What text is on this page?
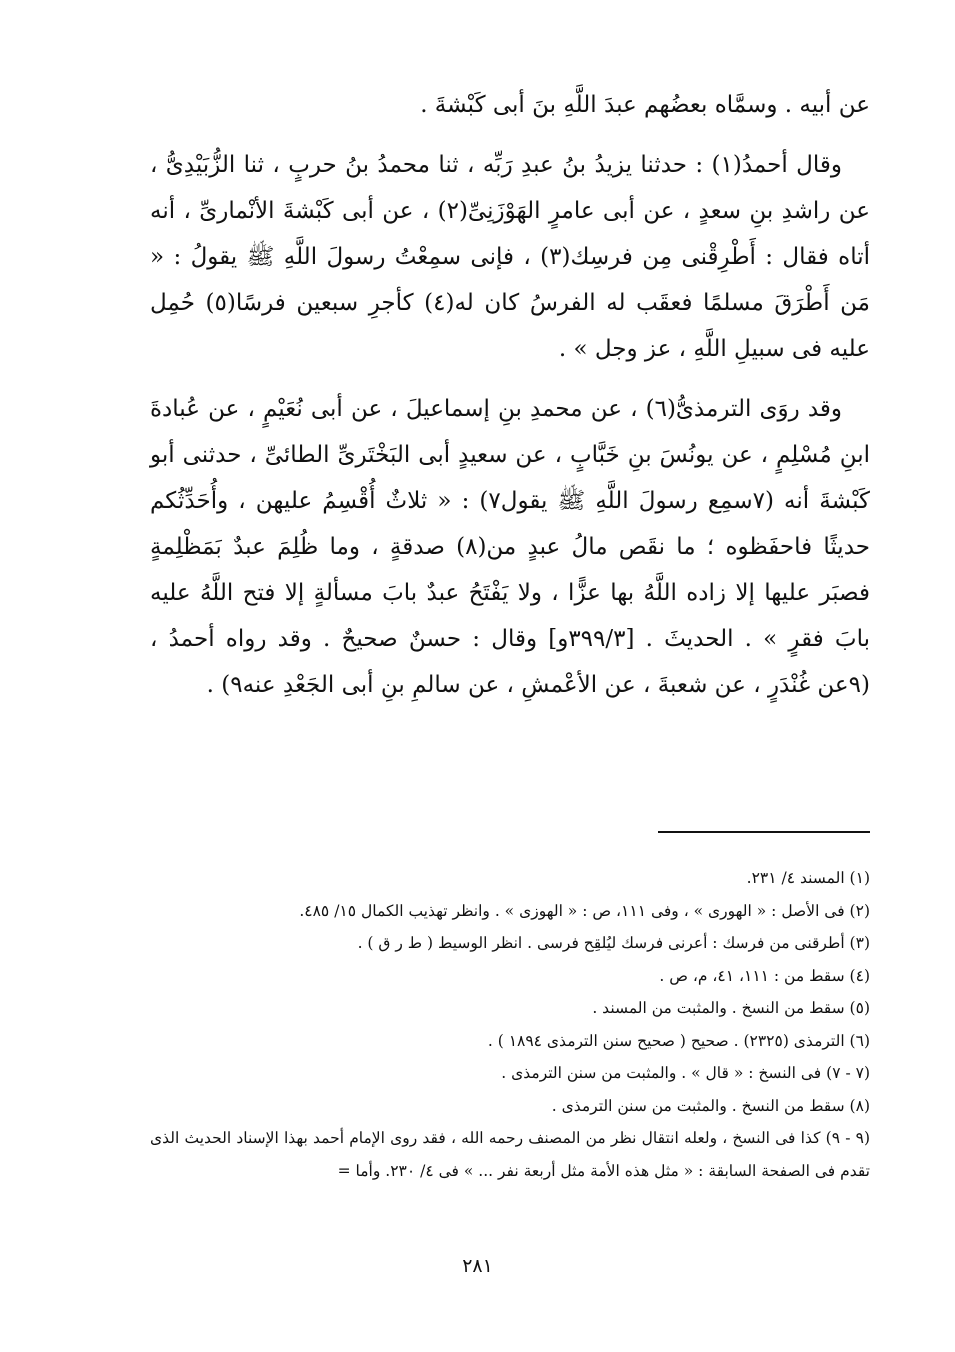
عن أبيه . وسمَّاه بعضُهم عبدَ اللَّهِ بنَ أبى كَبْشةَ .

وقال أحمدُ(١) : حدثنا يزيدُ بنُ عبدِ رَبِّه ، ثنا محمدُ بنُ حربٍ ، ثنا الزُّبَيْدِىُّ ، عن راشدِ بنِ سعدٍ ، عن أبى عامرٍ الهَوْزَنِىِّ(٢) ، عن أبى كَبْشةَ الأنْمارىِّ ، أنه أتاه فقال : أَطْرِقْنى مِن فرسِك(٣) ، فإنى سمِعْتُ رسولَ اللَّهِ ﷺ يقولُ : « مَن أَطْرَقَ مسلمًا فعقَب له الفرسُ كان له(٤) كأجرِ سبعين فرسًا(٥) حُمِل عليه فى سبيلِ اللَّهِ ، عز وجل » .

وقد روَى الترمذىُّ(٦) ، عن محمدِ بنِ إسماعيلَ ، عن أبى نُعَيْمٍ ، عن عُبادةَ ابنِ مُسْلِمٍ ، عن يونُسَ بنِ خَبَّابٍ ، عن سعيدٍ أبى البَخْتَرىِّ الطائىِّ ، حدثنى أبو كَبْشةَ أنه (٧سمِع رسولَ اللَّهِ ﷺ يقول٧) : « ثلاثٌ أُقْسِمُ عليهن ، وأُحَدِّثُكم حديثًا فاحفَظوه ؛ ما نقَص مالُ عبدٍ من(٨) صدقةٍ ، وما ظُلِمَ عبدٌ بَمَظْلِمةٍ فصبَر عليها إلا زاده اللَّهُ بها عزًّا ، ولا يَفْتَحُ عبدٌ بابَ مسألةٍ إلا فتح اللَّهُ عليه بابَ فقرٍ » . الحديثَ . [٣٩٩/٣و] وقال : حسنٌ صحيحٌ . وقد رواه أحمدُ ، (٩عن غُنْدَرٍ ، عن شعبةَ ، عن الأعْمشِ ، عن سالمِ بنِ أبى الجَعْدِ عنه٩) .

(١) المسند ٤/ ٢٣١.

(٢) فى الأصل : « الهورى » ، وفى ١١١، ص : « الهوزى » . وانظر تهذيب الكمال ١٥/ ٤٨٥.

(٣) أطرقنى من فرسك : أعرنى فرسك ليُلقِح فرسى . انظر الوسيط ( ط ر ق ) .

(٤) سقط من : ١١١، ٤١، م، ص .

(٥) سقط من النسخ . والمثبت من المسند .

(٦) الترمذى (٢٣٢٥) . صحيح ( صحيح سنن الترمذى ١٨٩٤ ) .

(٧ - ٧) فى النسخ : « قال » . والمثبت من سنن الترمذى .

(٨) سقط من النسخ . والمثبت من سنن الترمذى .

(٩ - ٩) كذا فى النسخ ، ولعله انتقال نظر من المصنف رحمه الله ، فقد روى الإمام أحمد بهذا الإسناد الحديث الذى تقدم فى الصفحة السابقة : « مثل هذه الأمة مثل أربعة نفر ... » فى ٤/ ٢٣٠. وأما =

٢٨١
